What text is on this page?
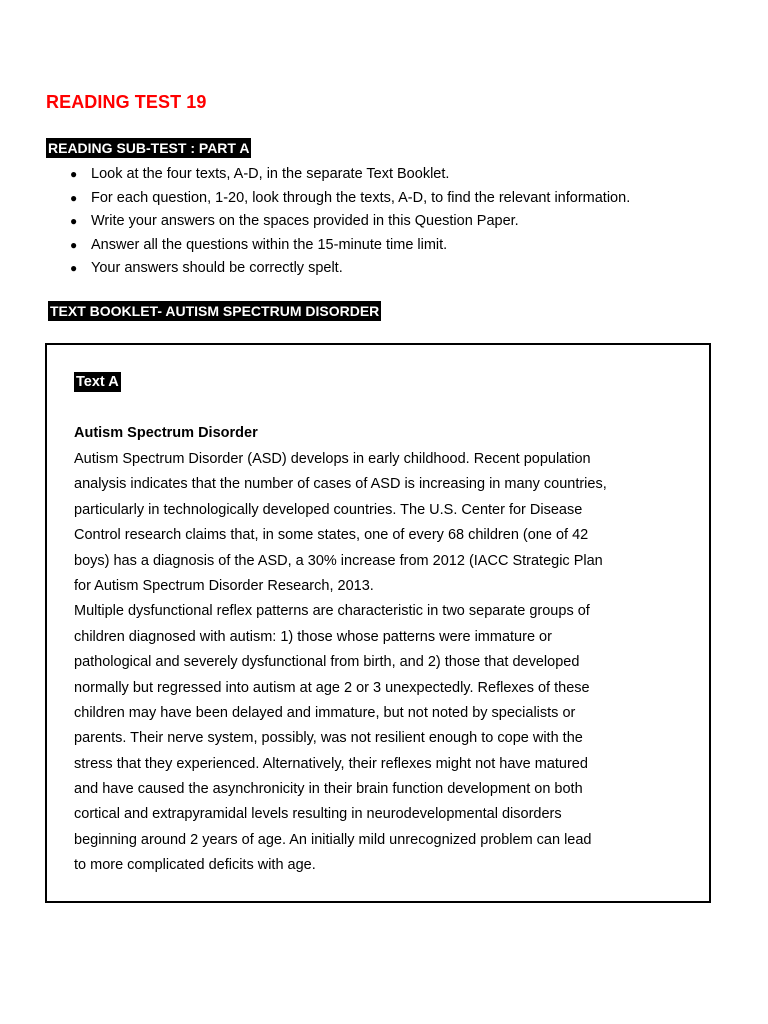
READING TEST 19
READING SUB-TEST : PART A
● Look at the four texts, A-D, in the separate Text Booklet.
● For each question, 1-20, look through the texts, A-D, to find the relevant information.
● Write your answers on the spaces provided in this Question Paper.
● Answer all the questions within the 15-minute time limit.
● Your answers should be correctly spelt.
TEXT BOOKLET- AUTISM SPECTRUM DISORDER
Text A
Autism Spectrum Disorder
Autism Spectrum Disorder (ASD) develops in early childhood. Recent population
analysis indicates that the number of cases of ASD is increasing in many countries,
particularly in technologically developed countries. The U.S. Center for Disease
Control research claims that, in some states, one of every 68 children (one of 42
boys) has a diagnosis of the ASD, a 30% increase from 2012 (IACC Strategic Plan
for Autism Spectrum Disorder Research, 2013.
Multiple dysfunctional reflex patterns are characteristic in two separate groups of
children diagnosed with autism: 1) those whose patterns were immature or
pathological and severely dysfunctional from birth, and 2) those that developed
normally but regressed into autism at age 2 or 3 unexpectedly. Reflexes of these
children may have been delayed and immature, but not noted by specialists or
parents. Their nerve system, possibly, was not resilient enough to cope with the
stress that they experienced. Alternatively, their reflexes might not have matured
and have caused the asynchronicity in their brain function development on both
cortical and extrapyramidal levels resulting in neurodevelopmental disorders
beginning around 2 years of age. An initially mild unrecognized problem can lead
to more complicated deficits with age.
